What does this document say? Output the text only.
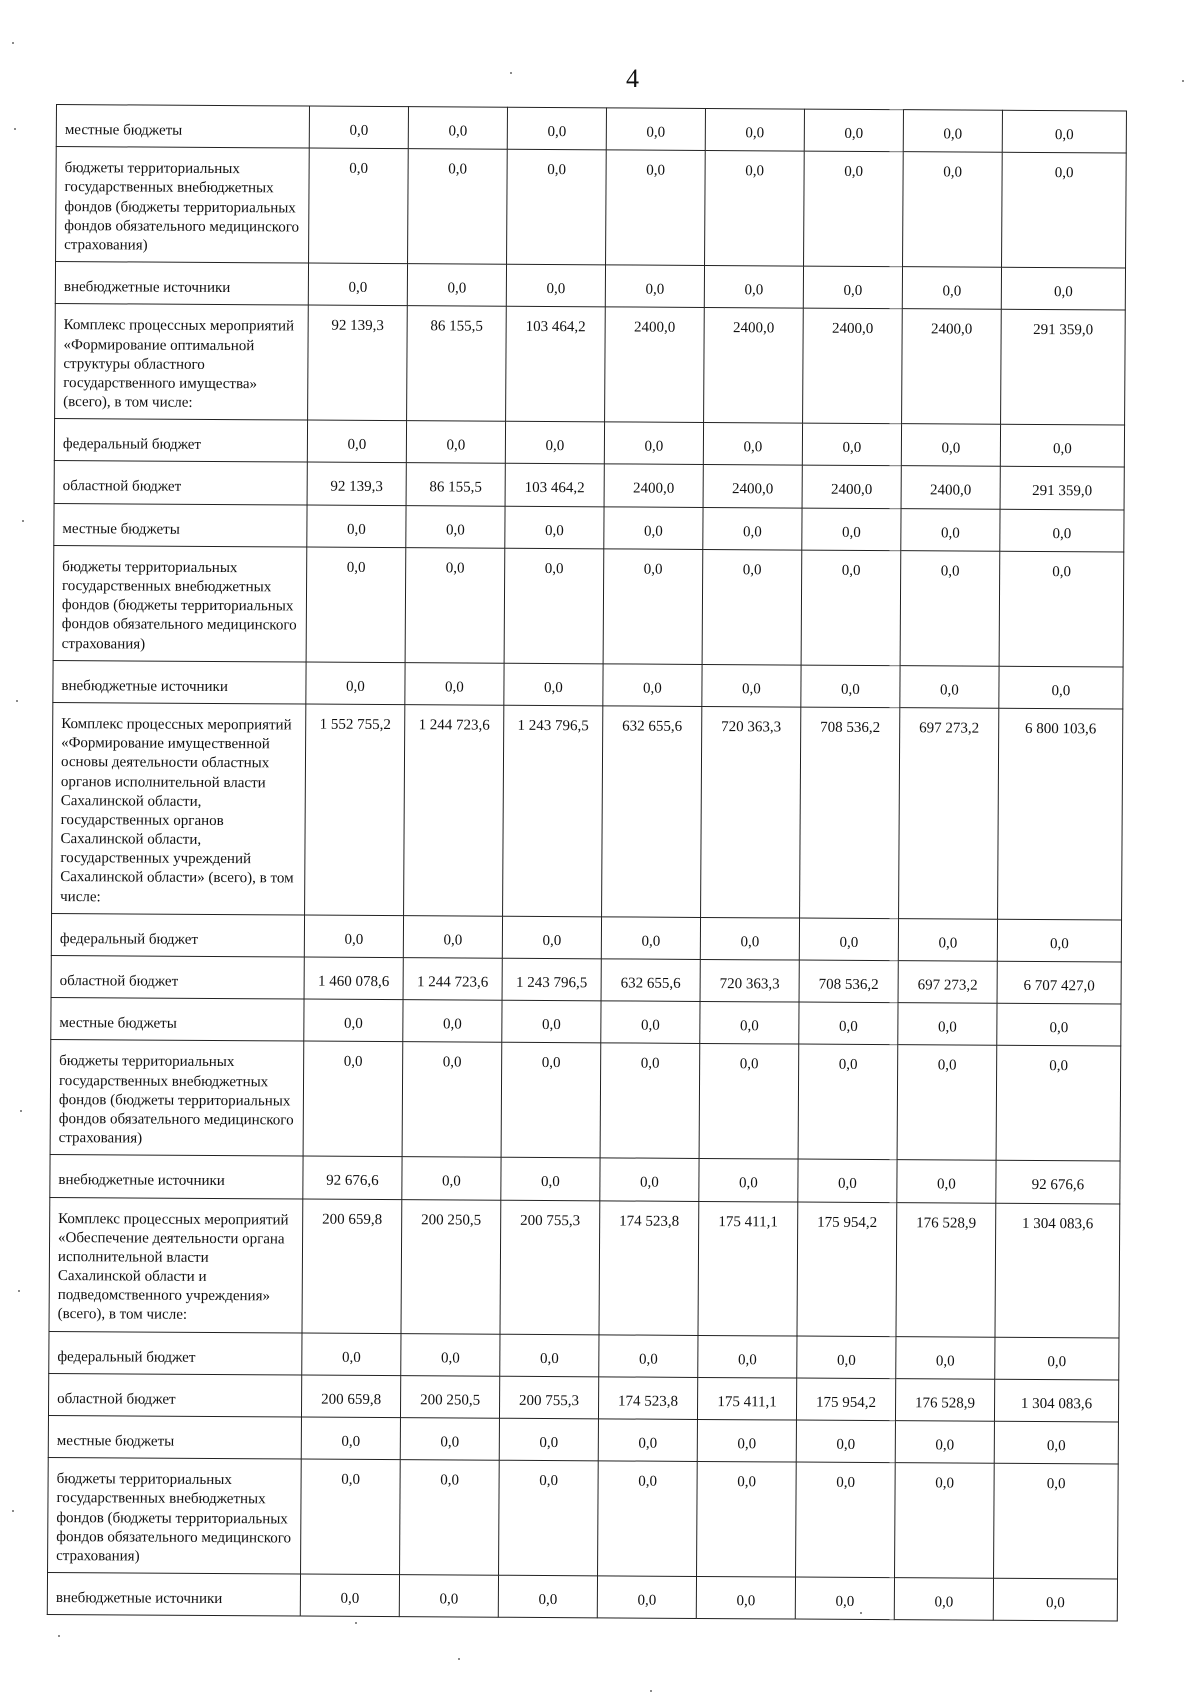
4
местные бюджеты	0,0	0,0	0,0	0,0	0,0	0,0	0,0	0,0
бюджеты территориальных государственных внебюджетных фондов (бюджеты территориальных фондов обязательного медицинского страхования)	0,0	0,0	0,0	0,0	0,0	0,0	0,0	0,0
внебюджетные источники	0,0	0,0	0,0	0,0	0,0	0,0	0,0	0,0
Комплекс процессных мероприятий «Формирование оптимальной структуры областного государственного имущества» (всего), в том числе:	92 139,3	86 155,5	103 464,2	2400,0	2400,0	2400,0	2400,0	291 359,0
федеральный бюджет	0,0	0,0	0,0	0,0	0,0	0,0	0,0	0,0
областной бюджет	92 139,3	86 155,5	103 464,2	2400,0	2400,0	2400,0	2400,0	291 359,0
местные бюджеты	0,0	0,0	0,0	0,0	0,0	0,0	0,0	0,0
бюджеты территориальных государственных внебюджетных фондов (бюджеты территориальных фондов обязательного медицинского страхования)	0,0	0,0	0,0	0,0	0,0	0,0	0,0	0,0
внебюджетные источники	0,0	0,0	0,0	0,0	0,0	0,0	0,0	0,0
Комплекс процессных мероприятий «Формирование имущественной основы деятельности областных органов исполнительной власти Сахалинской области, государственных органов Сахалинской области, государственных учреждений Сахалинской области» (всего), в том числе:	1 552 755,2	1 244 723,6	1 243 796,5	632 655,6	720 363,3	708 536,2	697 273,2	6 800 103,6
федеральный бюджет	0,0	0,0	0,0	0,0	0,0	0,0	0,0	0,0
областной бюджет	1 460 078,6	1 244 723,6	1 243 796,5	632 655,6	720 363,3	708 536,2	697 273,2	6 707 427,0
местные бюджеты	0,0	0,0	0,0	0,0	0,0	0,0	0,0	0,0
бюджеты территориальных государственных внебюджетных фондов (бюджеты территориальных фондов обязательного медицинского страхования)	0,0	0,0	0,0	0,0	0,0	0,0	0,0	0,0
внебюджетные источники	92 676,6	0,0	0,0	0,0	0,0	0,0	0,0	92 676,6
Комплекс процессных мероприятий «Обеспечение деятельности органа исполнительной власти Сахалинской области и подведомственного учреждения» (всего), в том числе:	200 659,8	200 250,5	200 755,3	174 523,8	175 411,1	175 954,2	176 528,9	1 304 083,6
федеральный бюджет	0,0	0,0	0,0	0,0	0,0	0,0	0,0	0,0
областной бюджет	200 659,8	200 250,5	200 755,3	174 523,8	175 411,1	175 954,2	176 528,9	1 304 083,6
местные бюджеты	0,0	0,0	0,0	0,0	0,0	0,0	0,0	0,0
бюджеты территориальных государственных внебюджетных фондов (бюджеты территориальных фондов обязательного медицинского страхования)	0,0	0,0	0,0	0,0	0,0	0,0	0,0	0,0
внебюджетные источники	0,0	0,0	0,0	0,0	0,0	0,0	0,0	0,0
